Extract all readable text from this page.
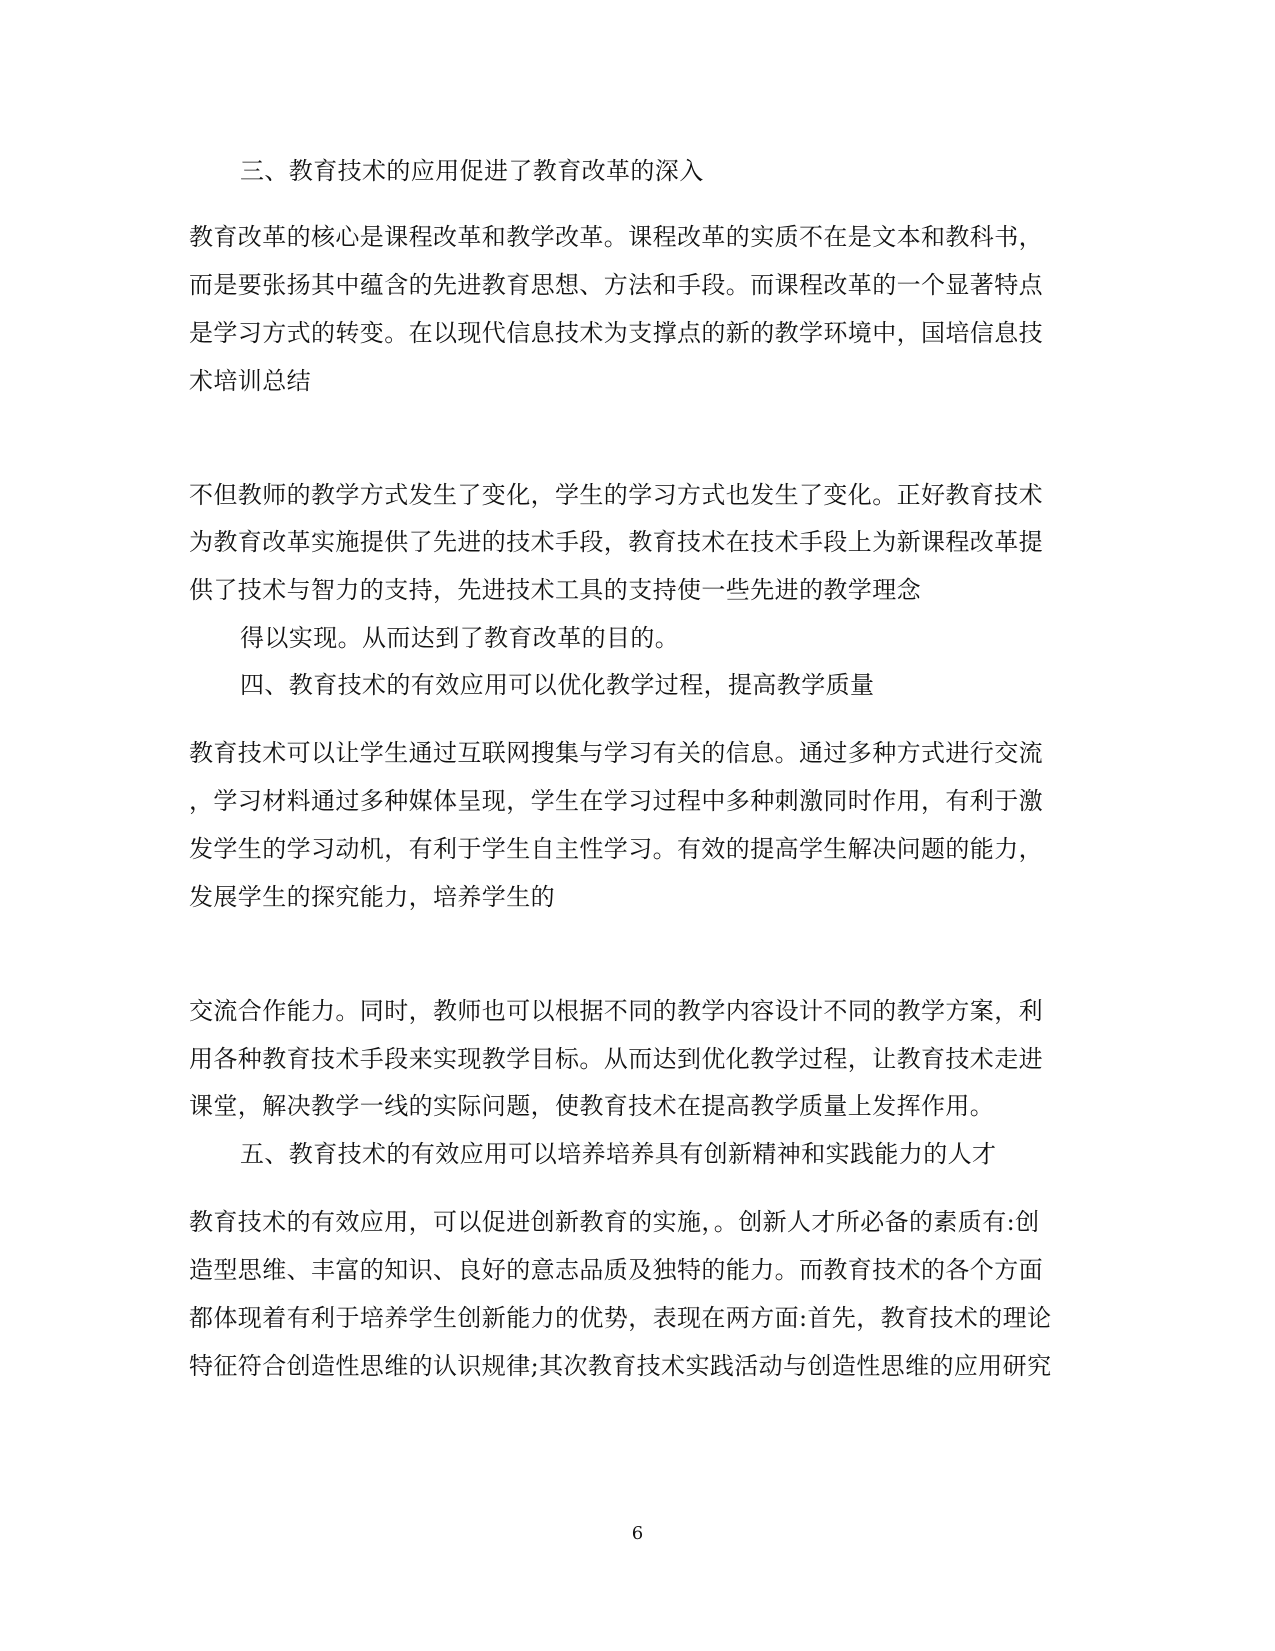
三、教育技术的应用促进了教育改革的深入
教育改革的核心是课程改革和教学改革。课程改革的实质不在是文本和教科书，
而是要张扬其中蕴含的先进教育思想、方法和手段。而课程改革的一个显著特点
是学习方式的转变。在以现代信息技术为支撑点的新的教学环境中，国培信息技
术培训总结
不但教师的教学方式发生了变化，学生的学习方式也发生了变化。正好教育技术
为教育改革实施提供了先进的技术手段，教育技术在技术手段上为新课程改革提
供了技术与智力的支持，先进技术工具的支持使一些先进的教学理念
得以实现。从而达到了教育改革的目的。
四、教育技术的有效应用可以优化教学过程，提高教学质量
教育技术可以让学生通过互联网搜集与学习有关的信息。通过多种方式进行交流
，学习材料通过多种媒体呈现，学生在学习过程中多种刺激同时作用，有利于激
发学生的学习动机，有利于学生自主性学习。有效的提高学生解决问题的能力，
发展学生的探究能力，培养学生的
交流合作能力。同时，教师也可以根据不同的教学内容设计不同的教学方案，利
用各种教育技术手段来实现教学目标。从而达到优化教学过程，让教育技术走进
课堂，解决教学一线的实际问题，使教育技术在提高教学质量上发挥作用。
五、教育技术的有效应用可以培养培养具有创新精神和实践能力的人才
教育技术的有效应用，可以促进创新教育的实施，。创新人才所必备的素质有:创
造型思维、丰富的知识、良好的意志品质及独特的能力。而教育技术的各个方面
都体现着有利于培养学生创新能力的优势，表现在两方面:首先，教育技术的理论
特征符合创造性思维的认识规律;其次教育技术实践活动与创造性思维的应用研究
6
